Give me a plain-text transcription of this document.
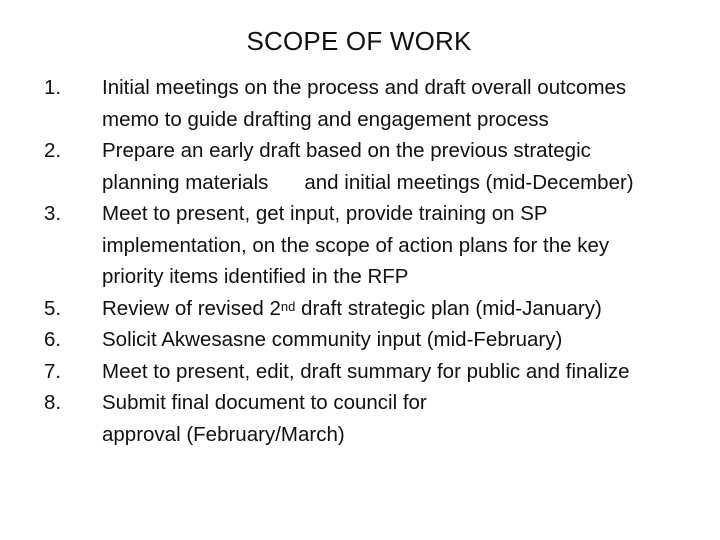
SCOPE OF WORK
1.	Initial meetings on the process and draft overall outcomes
memo to guide drafting and engagement process
2.	Prepare an early draft based on the previous strategic
planning materials and initial meetings (mid-December)
3.	Meet to present, get input, provide training on SP
implementation, on the scope of action plans for the key
priority items identified in the RFP
5.	Review of revised 2nd draft strategic plan (mid-January)
6.	Solicit Akwesasne community input (mid-February)
7.	Meet to present, edit, draft summary for public and finalize
8.	Submit final document to council for
approval (February/March)
